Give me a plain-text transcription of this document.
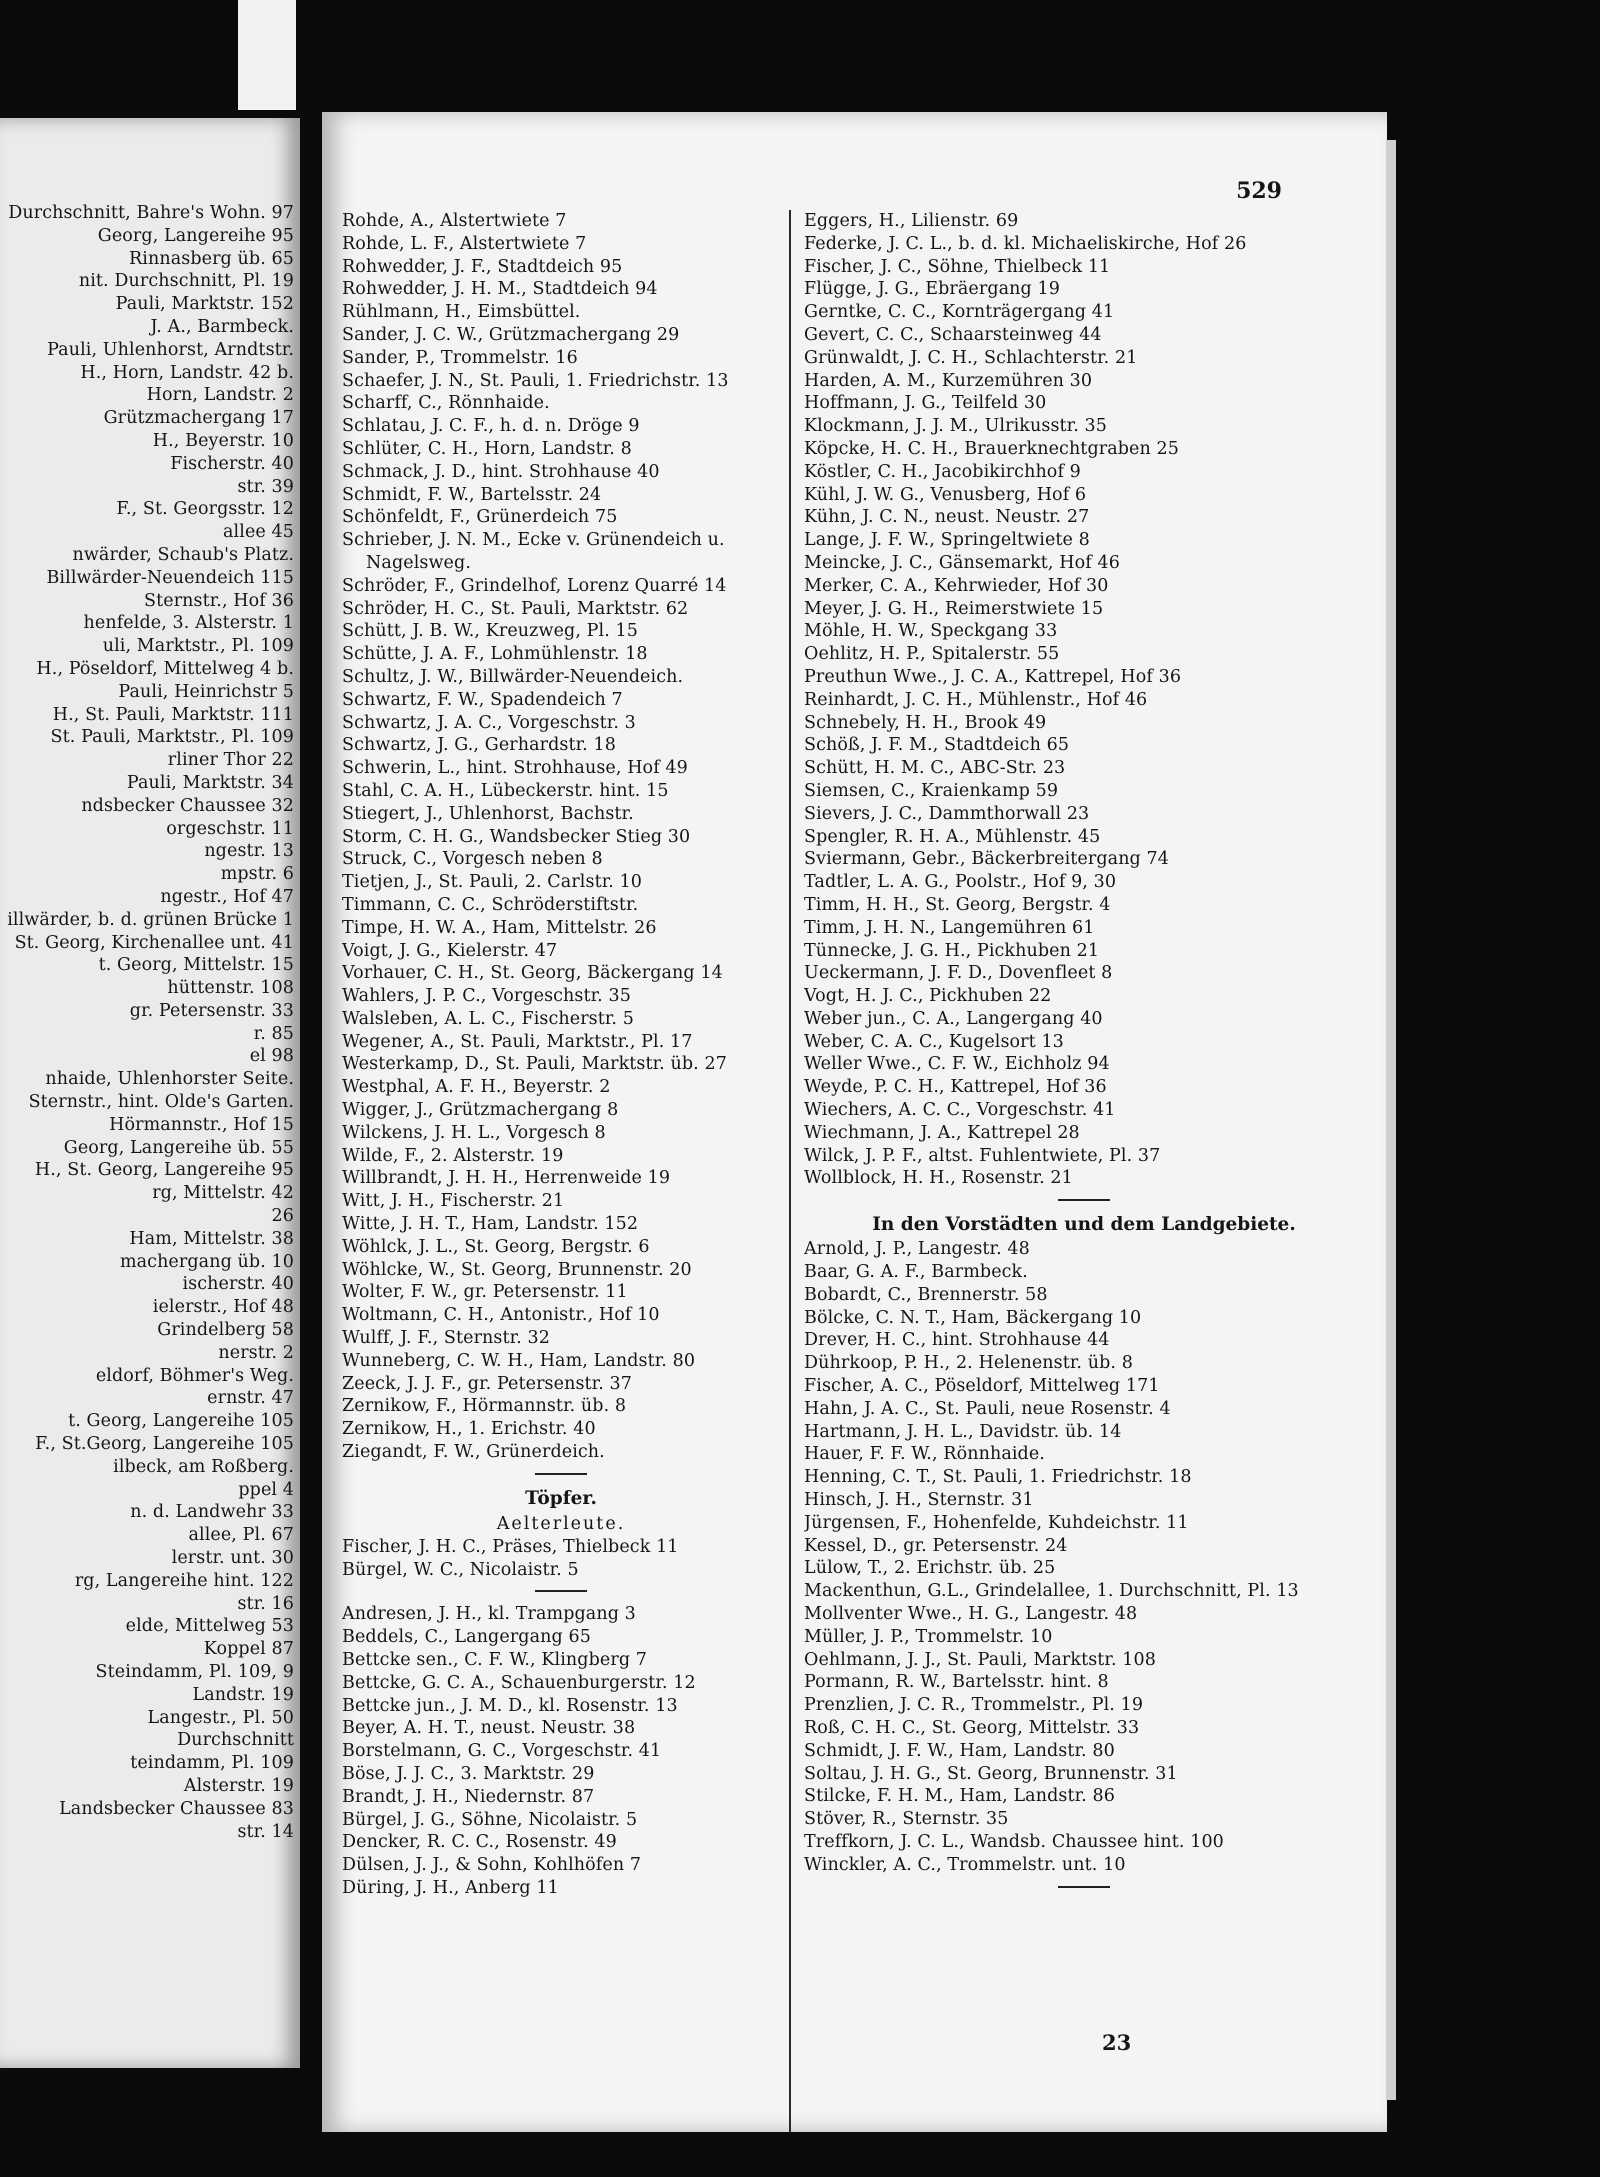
Durchschnitt, Bahre's Wohn. 97
Georg, Langereihe 95
Rinnasberg üb. 65
nit. Durchschnitt, Pl. 19
Pauli, Marktstr. 152
J. A., Barmbeck.
Pauli, Uhlenhorst, Arndtstr.
H., Horn, Landstr. 42 b.
Horn, Landstr. 2
Grützmachergang 17
H., Beyerstr. 10
Fischerstr. 40
str. 39
F., St. Georgsstr. 12
allee 45
nwärder, Schaub's Platz.
Billwärder-Neuendeich 115
Sternstr., Hof 36
henfelde, 3. Alsterstr. 1
uli, Marktstr., Pl. 109
H., Pöseldorf, Mittelweg 4 b.
Pauli, Heinrichstr 5
H., St. Pauli, Marktstr. 111
St. Pauli, Marktstr., Pl. 109
rliner Thor 22
Pauli, Marktstr. 34
ndsbecker Chaussee 32
orgeschstr. 11
ngestr. 13
mpstr. 6
ngestr., Hof 47
illwärder, b. d. grünen Brücke 1
St. Georg, Kirchenallee unt. 41
t. Georg, Mittelstr. 15
hüttenstr. 108
gr. Petersenstr. 33
r. 85
el 98
nhaide, Uhlenhorster Seite.
Sternstr., hint. Olde's Garten.
Hörmannstr., Hof 15
Georg, Langereihe üb. 55
H., St. Georg, Langereihe 95
rg, Mittelstr. 42
26
Ham, Mittelstr. 38
machergang üb. 10
ischerstr. 40
ielerstr., Hof 48
Grindelberg 58
nerstr. 2
eldorf, Böhmer's Weg.
ernstr. 47
t. Georg, Langereihe 105
F., St.Georg, Langereihe 105
ilbeck, am Roßberg.
ppel 4
n. d. Landwehr 33
allee, Pl. 67
lerstr. unt. 30
rg, Langereihe hint. 122
str. 16
elde, Mittelweg 53
Koppel 87
Steindamm, Pl. 109, 9
Landstr. 19
Langestr., Pl. 50
Durchschnitt
teindamm, Pl. 109
Alsterstr. 19
Landsbecker Chaussee 83
str. 14
529
Rohde, A., Alstertwiete 7
Rohde, L. F., Alstertwiete 7
Rohwedder, J. F., Stadtdeich 95
Rohwedder, J. H. M., Stadtdeich 94
Rühlmann, H., Eimsbüttel.
Sander, J. C. W., Grützmachergang 29
Sander, P., Trommelstr. 16
Schaefer, J. N., St. Pauli, 1. Friedrichstr. 13
Scharff, C., Rönnhaide.
Schlatau, J. C. F., h. d. n. Dröge 9
Schlüter, C. H., Horn, Landstr. 8
Schmack, J. D., hint. Strohhause 40
Schmidt, F. W., Bartelsstr. 24
Schönfeldt, F., Grünerdeich 75
Schrieber, J. N. M., Ecke v. Grünendeich u.
Nagelsweg.
Schröder, F., Grindelhof, Lorenz Quarré 14
Schröder, H. C., St. Pauli, Marktstr. 62
Schütt, J. B. W., Kreuzweg, Pl. 15
Schütte, J. A. F., Lohmühlenstr. 18
Schultz, J. W., Billwärder-Neuendeich.
Schwartz, F. W., Spadendeich 7
Schwartz, J. A. C., Vorgeschstr. 3
Schwartz, J. G., Gerhardstr. 18
Schwerin, L., hint. Strohhause, Hof 49
Stahl, C. A. H., Lübeckerstr. hint. 15
Stiegert, J., Uhlenhorst, Bachstr.
Storm, C. H. G., Wandsbecker Stieg 30
Struck, C., Vorgesch neben 8
Tietjen, J., St. Pauli, 2. Carlstr. 10
Timmann, C. C., Schröderstiftstr.
Timpe, H. W. A., Ham, Mittelstr. 26
Voigt, J. G., Kielerstr. 47
Vorhauer, C. H., St. Georg, Bäckergang 14
Wahlers, J. P. C., Vorgeschstr. 35
Walsleben, A. L. C., Fischerstr. 5
Wegener, A., St. Pauli, Marktstr., Pl. 17
Westerkamp, D., St. Pauli, Marktstr. üb. 27
Westphal, A. F. H., Beyerstr. 2
Wigger, J., Grützmachergang 8
Wilckens, J. H. L., Vorgesch 8
Wilde, F., 2. Alsterstr. 19
Willbrandt, J. H. H., Herrenweide 19
Witt, J. H., Fischerstr. 21
Witte, J. H. T., Ham, Landstr. 152
Wöhlck, J. L., St. Georg, Bergstr. 6
Wöhlcke, W., St. Georg, Brunnenstr. 20
Wolter, F. W., gr. Petersenstr. 11
Woltmann, C. H., Antonistr., Hof 10
Wulff, J. F., Sternstr. 32
Wunneberg, C. W. H., Ham, Landstr. 80
Zeeck, J. J. F., gr. Petersenstr. 37
Zernikow, F., Hörmannstr. üb. 8
Zernikow, H., 1. Erichstr. 40
Ziegandt, F. W., Grünerdeich.
Töpfer.
Aelterleute.
Fischer, J. H. C., Präses, Thielbeck 11
Bürgel, W. C., Nicolaistr. 5
Andresen, J. H., kl. Trampgang 3
Beddels, C., Langergang 65
Bettcke sen., C. F. W., Klingberg 7
Bettcke, G. C. A., Schauenburgerstr. 12
Bettcke jun., J. M. D., kl. Rosenstr. 13
Beyer, A. H. T., neust. Neustr. 38
Borstelmann, G. C., Vorgeschstr. 41
Böse, J. J. C., 3. Marktstr. 29
Brandt, J. H., Niedernstr. 87
Bürgel, J. G., Söhne, Nicolaistr. 5
Dencker, R. C. C., Rosenstr. 49
Dülsen, J. J., & Sohn, Kohlhöfen 7
Düring, J. H., Anberg 11
Eggers, H., Lilienstr. 69
Federke, J. C. L., b. d. kl. Michaeliskirche, Hof 26
Fischer, J. C., Söhne, Thielbeck 11
Flügge, J. G., Ebräergang 19
Gerntke, C. C., Kornträgergang 41
Gevert, C. C., Schaarsteinweg 44
Grünwaldt, J. C. H., Schlachterstr. 21
Harden, A. M., Kurzemühren 30
Hoffmann, J. G., Teilfeld 30
Klockmann, J. J. M., Ulrikusstr. 35
Köpcke, H. C. H., Brauerknechtgraben 25
Köstler, C. H., Jacobikirchhof 9
Kühl, J. W. G., Venusberg, Hof 6
Kühn, J. C. N., neust. Neustr. 27
Lange, J. F. W., Springeltwiete 8
Meincke, J. C., Gänsemarkt, Hof 46
Merker, C. A., Kehrwieder, Hof 30
Meyer, J. G. H., Reimerstwiete 15
Möhle, H. W., Speckgang 33
Oehlitz, H. P., Spitalerstr. 55
Preuthun Wwe., J. C. A., Kattrepel, Hof 36
Reinhardt, J. C. H., Mühlenstr., Hof 46
Schnebely, H. H., Brook 49
Schöß, J. F. M., Stadtdeich 65
Schütt, H. M. C., ABC-Str. 23
Siemsen, C., Kraienkamp 59
Sievers, J. C., Dammthorwall 23
Spengler, R. H. A., Mühlenstr. 45
Sviermann, Gebr., Bäckerbreitergang 74
Tadtler, L. A. G., Poolstr., Hof 9, 30
Timm, H. H., St. Georg, Bergstr. 4
Timm, J. H. N., Langemühren 61
Tünnecke, J. G. H., Pickhuben 21
Ueckermann, J. F. D., Dovenfleet 8
Vogt, H. J. C., Pickhuben 22
Weber jun., C. A., Langergang 40
Weber, C. A. C., Kugelsort 13
Weller Wwe., C. F. W., Eichholz 94
Weyde, P. C. H., Kattrepel, Hof 36
Wiechers, A. C. C., Vorgeschstr. 41
Wiechmann, J. A., Kattrepel 28
Wilck, J. P. F., altst. Fuhlentwiete, Pl. 37
Wollblock, H. H., Rosenstr. 21
In den Vorstädten und dem Landgebiete.
Arnold, J. P., Langestr. 48
Baar, G. A. F., Barmbeck.
Bobardt, C., Brennerstr. 58
Bölcke, C. N. T., Ham, Bäckergang 10
Drever, H. C., hint. Strohhause 44
Dührkoop, P. H., 2. Helenenstr. üb. 8
Fischer, A. C., Pöseldorf, Mittelweg 171
Hahn, J. A. C., St. Pauli, neue Rosenstr. 4
Hartmann, J. H. L., Davidstr. üb. 14
Hauer, F. F. W., Rönnhaide.
Henning, C. T., St. Pauli, 1. Friedrichstr. 18
Hinsch, J. H., Sternstr. 31
Jürgensen, F., Hohenfelde, Kuhdeichstr. 11
Kessel, D., gr. Petersenstr. 24
Lülow, T., 2. Erichstr. üb. 25
Mackenthun, G.L., Grindelallee, 1. Durchschnitt, Pl. 13
Mollventer Wwe., H. G., Langestr. 48
Müller, J. P., Trommelstr. 10
Oehlmann, J. J., St. Pauli, Marktstr. 108
Pormann, R. W., Bartelsstr. hint. 8
Prenzlien, J. C. R., Trommelstr., Pl. 19
Roß, C. H. C., St. Georg, Mittelstr. 33
Schmidt, J. F. W., Ham, Landstr. 80
Soltau, J. H. G., St. Georg, Brunnenstr. 31
Stilcke, F. H. M., Ham, Landstr. 86
Stöver, R., Sternstr. 35
Treffkorn, J. C. L., Wandsb. Chaussee hint. 100
Winckler, A. C., Trommelstr. unt. 10
23
